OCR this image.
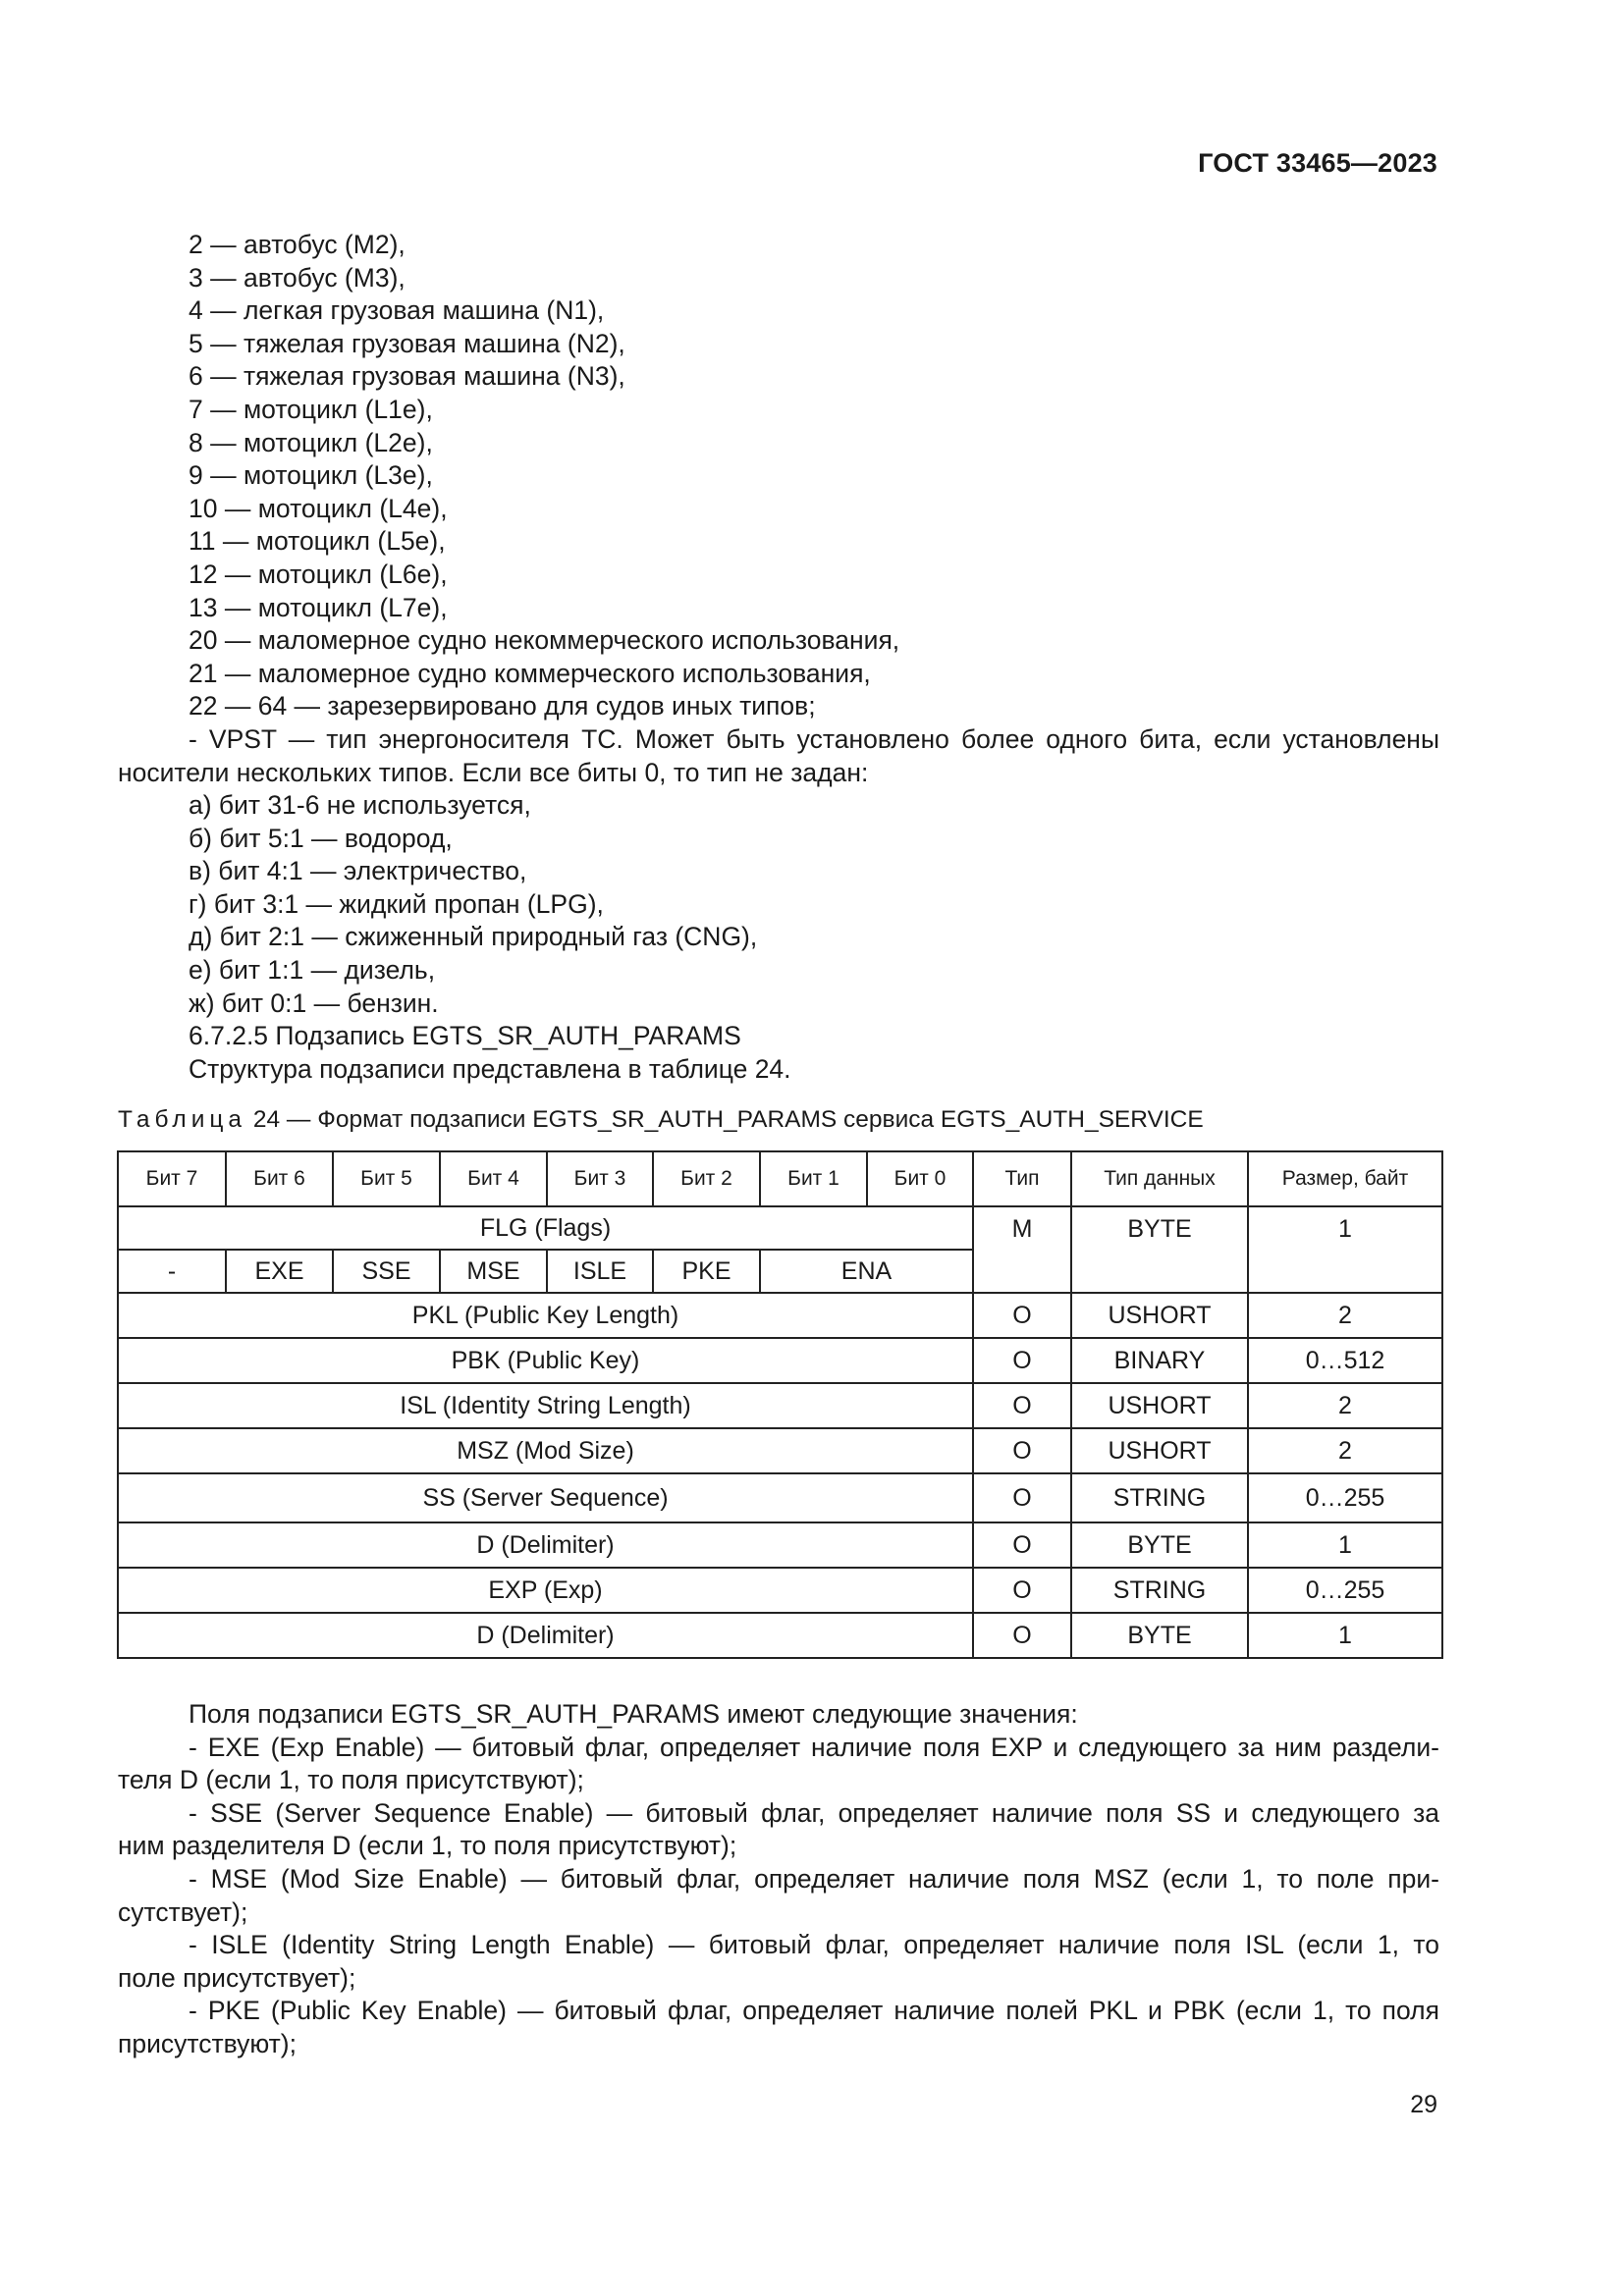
ГОСТ 33465—2023
2 — автобус (М2),
3 — автобус (М3),
4 — легкая грузовая машина (N1),
5 — тяжелая грузовая машина (N2),
6 — тяжелая грузовая машина (N3),
7 — мотоцикл (L1e),
8 — мотоцикл (L2e),
9 — мотоцикл (L3e),
10 — мотоцикл (L4e),
11 — мотоцикл (L5e),
12 — мотоцикл (L6e),
13 — мотоцикл (L7e),
20 — маломерное судно некоммерческого использования,
21 — маломерное судно коммерческого использования,
22 — 64 — зарезервировано для судов иных типов;
- VPST — тип энергоносителя ТС. Может быть установлено более одного бита, если установлены
носители нескольких типов. Если все биты 0, то тип не задан:
а) бит 31-6 не используется,
б) бит 5:1 — водород,
в) бит 4:1 — электричество,
г) бит 3:1 — жидкий пропан (LPG),
д) бит 2:1 — сжиженный природный газ (CNG),
е) бит 1:1 — дизель,
ж) бит 0:1 — бензин.
6.7.2.5 Подзапись EGTS_SR_AUTH_PARAMS
Структура подзаписи представлена в таблице 24.
Таблица 24 — Формат подзаписи EGTS_SR_AUTH_PARAMS сервиса EGTS_AUTH_SERVICE
Бит 7	Бит 6	Бит 5	Бит 4	Бит 3	Бит 2	Бит 1	Бит 0	Тип	Тип данных	Размер, байт
FLG (Flags)								M	BYTE	1
-	EXE	SSE	MSE	ISLE	PKE	ENA				
PKL (Public Key Length)								O	USHORT	2
PBK (Public Key)								O	BINARY	0…512
ISL (Identity String Length)								O	USHORT	2
MSZ (Mod Size)								O	USHORT	2
SS (Server Sequence)								O	STRING	0…255
D (Delimiter)								O	BYTE	1
EXP (Exp)								O	STRING	0…255
D (Delimiter)								O	BYTE	1
Поля подзаписи EGTS_SR_AUTH_PARAMS имеют следующие значения:
- EXE (Exp Enable) — битовый флаг, определяет наличие поля EXP и следующего за ним раздели-
теля D (если 1, то поля присутствуют);
- SSE (Server Sequence Enable) — битовый флаг, определяет наличие поля SS и следующего за
ним разделителя D (если 1, то поля присутствуют);
- MSE (Mod Size Enable) — битовый флаг, определяет наличие поля MSZ (если 1, то поле при-
сутствует);
- ISLE (Identity String Length Enable) — битовый флаг, определяет наличие поля ISL (если 1, то
поле присутствует);
- PKE (Public Key Enable) — битовый флаг, определяет наличие полей PKL и PBK (если 1, то поля
присутствуют);
29
